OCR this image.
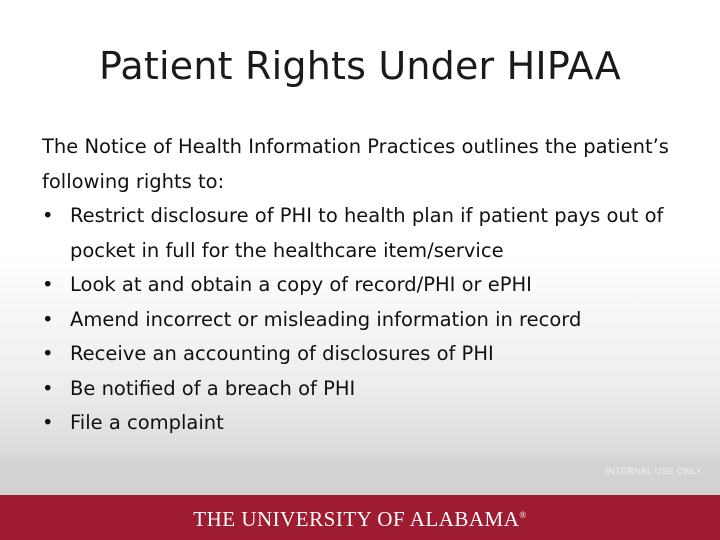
Patient Rights Under HIPAA

The Notice of Health Information Practices outlines the patient’s following rights to:

• Restrict disclosure of PHI to health plan if patient pays out of pocket in full for the healthcare item/service
• Look at and obtain a copy of record/PHI or ePHI
• Amend incorrect or misleading information in record
• Receive an accounting of disclosures of PHI
• Be notified of a breach of PHI
• File a complaint
INTERNAL USE ONLY
THE UNIVERSITY OF ALABAMA®
